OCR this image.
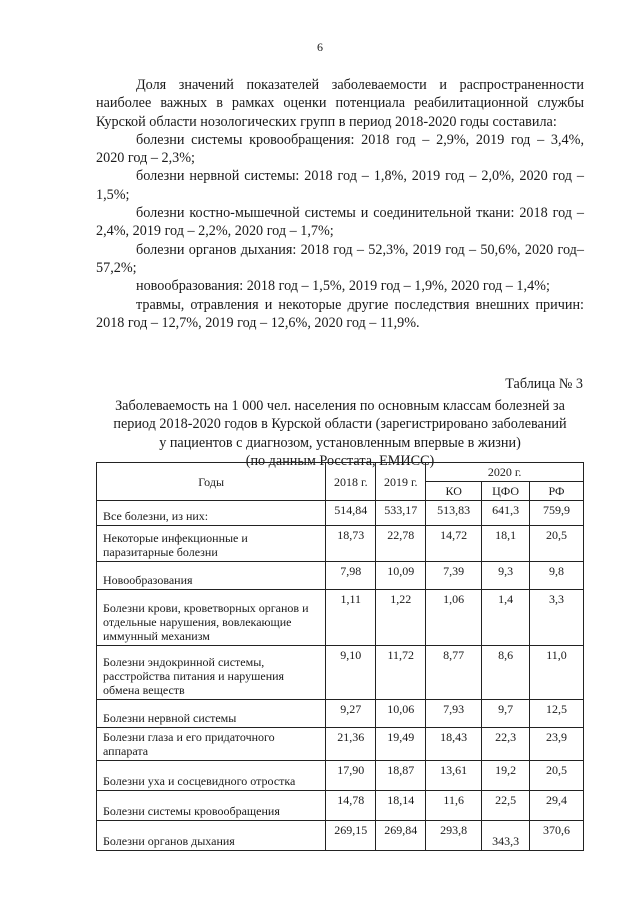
6

Доля значений показателей заболеваемости и распространенности наиболее важных в рамках оценки потенциала реабилитационной службы Курской области нозологических групп в период 2018-2020 годы составила:

болезни системы кровообращения: 2018 год – 2,9%, 2019 год – 3,4%, 2020 год – 2,3%;

болезни нервной системы: 2018 год – 1,8%, 2019 год – 2,0%, 2020 год – 1,5%;

болезни костно-мышечной системы и соединительной ткани: 2018 год – 2,4%, 2019 год – 2,2%, 2020 год – 1,7%;

болезни органов дыхания: 2018 год – 52,3%, 2019 год – 50,6%, 2020 год– 57,2%;

новообразования: 2018 год – 1,5%, 2019 год – 1,9%, 2020 год – 1,4%;

травмы, отравления и некоторые другие последствия внешних причин: 2018 год – 12,7%, 2019 год – 12,6%, 2020 год – 11,9%.

Таблица № 3
Заболеваемость на 1 000 чел. населения по основным классам болезней за
период 2018-2020 годов в Курской области (зарегистрировано заболеваний
у пациентов с диагнозом, установленным впервые в жизни)
(по данным Росстата, ЕМИСС)
Годы	2018 г.	2019 г.	2020 г.		
			КО	ЦФО	РФ
Все болезни, из них:	514,84	533,17	513,83	641,3	759,9
Некоторые инфекционные и паразитарные болезни	18,73	22,78	14,72	18,1	20,5
Новообразования	7,98	10,09	7,39	9,3	9,8
Болезни крови, кроветворных органов и отдельные нарушения, вовлекающие иммунный механизм	1,11	1,22	1,06	1,4	3,3
Болезни эндокринной системы, расстройства питания и нарушения обмена веществ	9,10	11,72	8,77	8,6	11,0
Болезни нервной системы	9,27	10,06	7,93	9,7	12,5
Болезни глаза и его придаточного аппарата	21,36	19,49	18,43	22,3	23,9
Болезни уха и сосцевидного отростка	17,90	18,87	13,61	19,2	20,5
Болезни системы кровообращения	14,78	18,14	11,6	22,5	29,4
Болезни органов дыхания	269,15	269,84	293,8	343,3	370,6
